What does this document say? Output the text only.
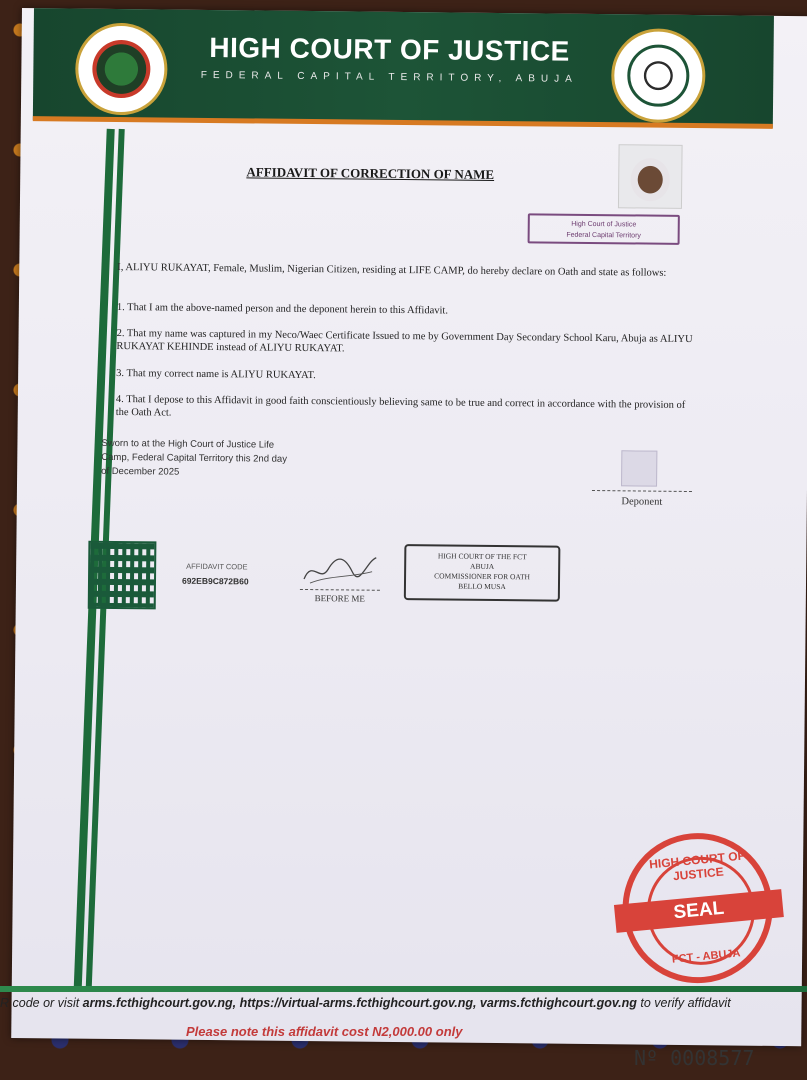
HIGH COURT OF JUSTICE
FEDERAL CAPITAL TERRITORY, ABUJA
AFFIDAVIT OF CORRECTION OF NAME
High Court of Justice
Federal Capital Territory
I, ALIYU RUKAYAT, Female, Muslim, Nigerian Citizen, residing at LIFE CAMP, do hereby declare on Oath and state as follows:
1. That I am the above-named person and the deponent herein to this Affidavit.
2. That my name was captured in my Neco/Waec Certificate Issued to me by Government Day Secondary School Karu, Abuja as ALIYU RUKAYAT KEHINDE instead of ALIYU RUKAYAT.
3. That my correct name is ALIYU RUKAYAT.
4. That I depose to this Affidavit in good faith conscientiously believing same to be true and correct in accordance with the provision of the Oath Act.
Sworn to at the High Court of Justice Life Camp, Federal Capital Territory this 2nd day of December 2025
Deponent
AFFIDAVIT CODE
692EB9C872B60
BEFORE ME
HIGH COURT OF THE FCT
ABUJA
COMMISSIONER FOR OATH
BELLO MUSA
HIGH COURT OF JUSTICE
SEAL
FCT - ABUJA
R code or visit arms.fcthighcourt.gov.ng, https://virtual-arms.fcthighcourt.gov.ng, varms.fcthighcourt.gov.ng to verify affidavit
Please note this affidavit cost N2,000.00 only
Nº 0008577
